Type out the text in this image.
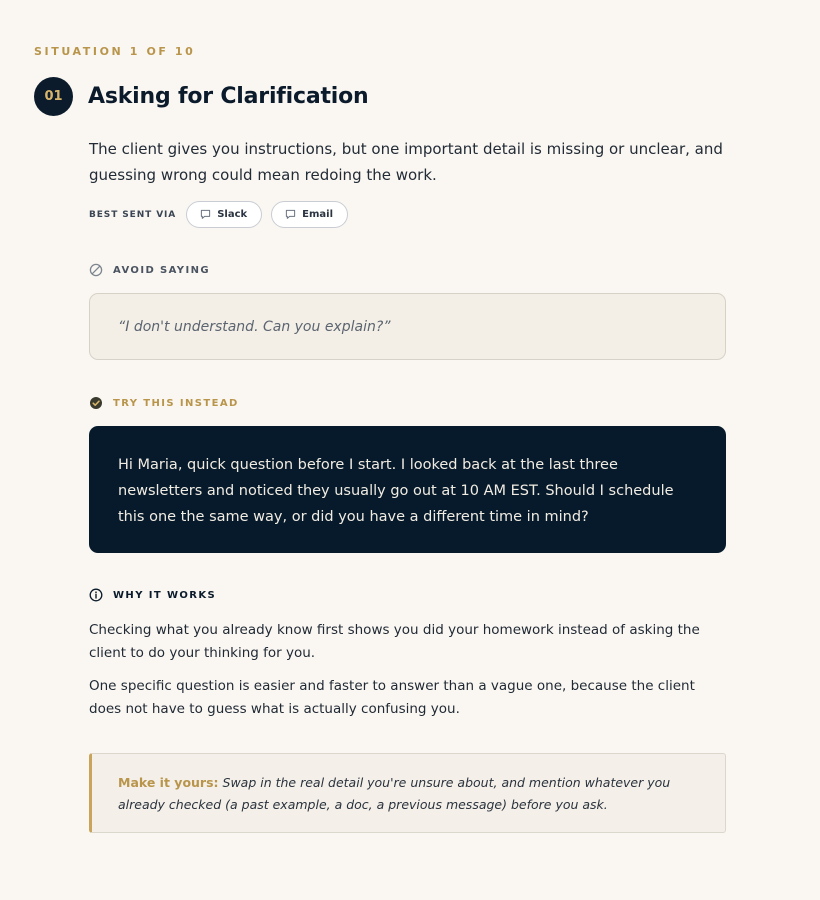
SITUATION 1 OF 10
01	Asking for Clarification

The client gives you instructions, but one important detail is missing or unclear, and guessing wrong could mean redoing the work.

BEST SENT VIA	Slack	Email
AVOID SAYING
“I don't understand. Can you explain?”
TRY THIS INSTEAD

Hi Maria, quick question before I start. I looked back at the last three newsletters and noticed they usually go out at 10 AM EST. Should I schedule this one the same way, or did you have a different time in mind?

WHY IT WORKS

Checking what you already know first shows you did your homework instead of asking the client to do your thinking for you.

One specific question is easier and faster to answer than a vague one, because the client does not have to guess what is actually confusing you.

Make it yours: Swap in the real detail you're unsure about, and mention whatever you already checked (a past example, a doc, a previous message) before you ask.
